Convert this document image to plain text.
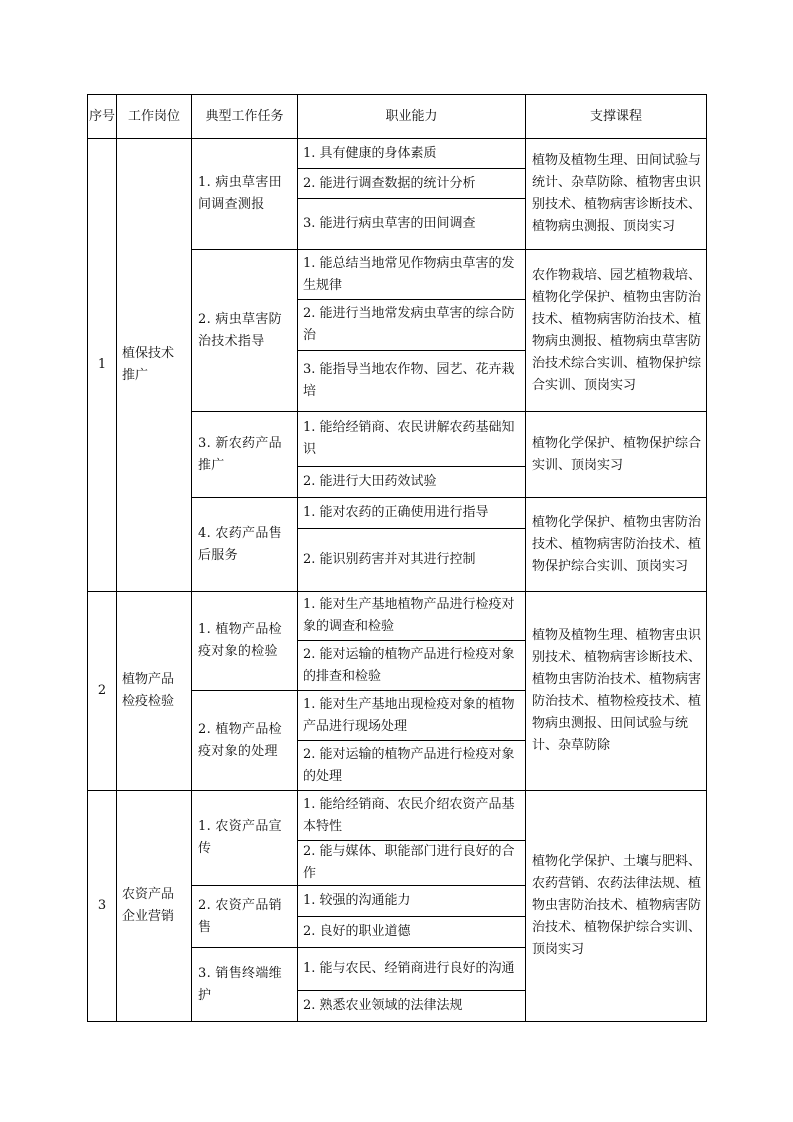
序号	工作岗位	典型工作任务	职业能力	支撑课程
1	植保技术推广	1. 病虫草害田间调查测报	1. 具有健康的身体素质	植物及植物生理、田间试验与统计、杂草防除、植物害虫识别技术、植物病害诊断技术、植物病虫测报、顶岗实习
			2. 能进行调查数据的统计分析	
			3. 能进行病虫草害的田间调查	
		2. 病虫草害防治技术指导	1. 能总结当地常见作物病虫草害的发生规律	农作物栽培、园艺植物栽培、植物化学保护、植物虫害防治技术、植物病害防治技术、植物病虫测报、植物病虫草害防治技术综合实训、植物保护综合实训、顶岗实习
			2. 能进行当地常发病虫草害的综合防治	
			3. 能指导当地农作物、园艺、花卉栽培	
		3. 新农药产品推广	1. 能给经销商、农民讲解农药基础知识	植物化学保护、植物保护综合实训、顶岗实习
			2. 能进行大田药效试验	
		4. 农药产品售后服务	1. 能对农药的正确使用进行指导	植物化学保护、植物虫害防治技术、植物病害防治技术、植物保护综合实训、顶岗实习
			2. 能识别药害并对其进行控制	
2	植物产品检疫检验	1. 植物产品检疫对象的检验	1. 能对生产基地植物产品进行检疫对象的调查和检验	植物及植物生理、植物害虫识别技术、植物病害诊断技术、植物虫害防治技术、植物病害防治技术、植物检疫技术、植物病虫测报、田间试验与统计、杂草防除
			2. 能对运输的植物产品进行检疫对象的排查和检验	
		2. 植物产品检疫对象的处理	1. 能对生产基地出现检疫对象的植物产品进行现场处理	
			2. 能对运输的植物产品进行检疫对象的处理	
3	农资产品企业营销	1. 农资产品宣传	1. 能给经销商、农民介绍农资产品基本特性	植物化学保护、土壤与肥料、农药营销、农药法律法规、植物虫害防治技术、植物病害防治技术、植物保护综合实训、顶岗实习
			2. 能与媒体、职能部门进行良好的合作	
		2. 农资产品销售	1. 较强的沟通能力	
			2. 良好的职业道德	
		3. 销售终端维护	1. 能与农民、经销商进行良好的沟通	
			2. 熟悉农业领域的法律法规	
